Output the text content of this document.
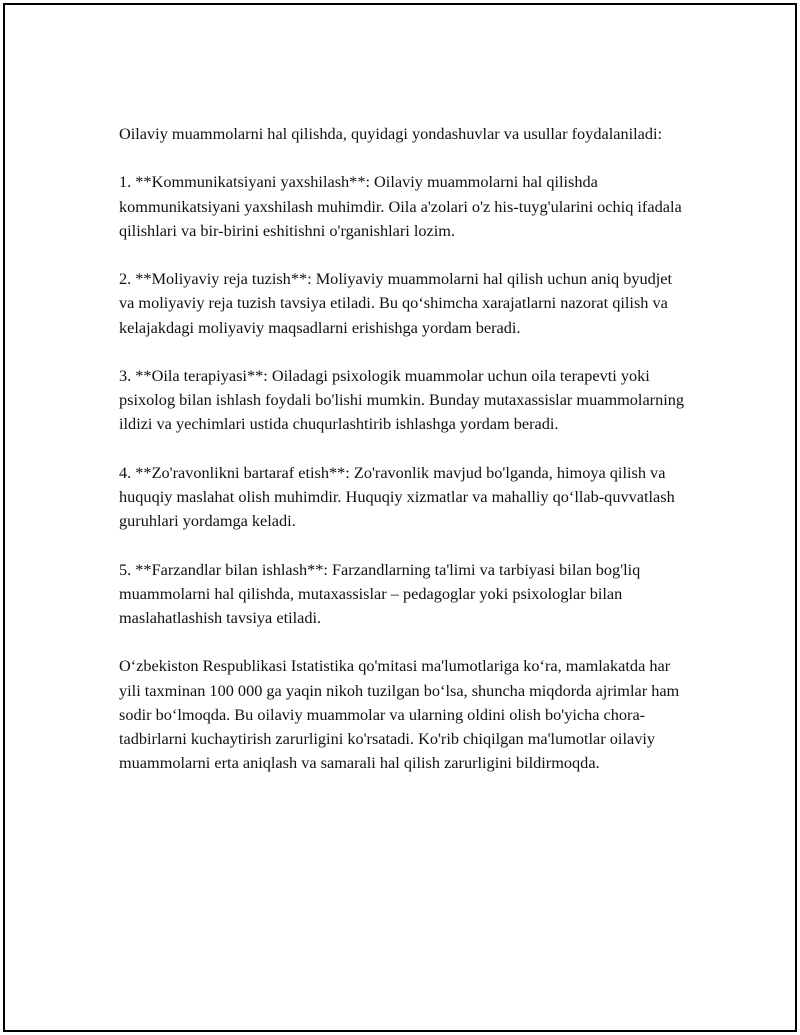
Oilaviy muammolarni hal qilishda, quyidagi yondashuvlar va usullar foydalaniladi:

1. **Kommunikatsiyani yaxshilash**: Oilaviy muammolarni hal qilishda kommunikatsiyani yaxshilash muhimdir. Oila a'zolari o'z his-tuyg'ularini ochiq ifadala qilishlari va bir-birini eshitishni o'rganishlari lozim.

2. **Moliyaviy reja tuzish**: Moliyaviy muammolarni hal qilish uchun aniq byudjet va moliyaviy reja tuzish tavsiya etiladi. Bu qo‘shimcha xarajatlarni nazorat qilish va kelajakdagi moliyaviy maqsadlarni erishishga yordam beradi.

3. **Oila terapiyasi**: Oiladagi psixologik muammolar uchun oila terapevti yoki psixolog bilan ishlash foydali bo'lishi mumkin. Bunday mutaxassislar muammolarning ildizi va yechimlari ustida chuqurlashtirib ishlashga yordam beradi.

4. **Zo'ravonlikni bartaraf etish**: Zo'ravonlik mavjud bo'lganda, himoya qilish va huquqiy maslahat olish muhimdir. Huquqiy xizmatlar va mahalliy qo‘llab-quvvatlash guruhlari yordamga keladi.

5. **Farzandlar bilan ishlash**: Farzandlarning ta'limi va tarbiyasi bilan bog'liq muammolarni hal qilishda, mutaxassislar – pedagoglar yoki psixologlar bilan maslahatlashish tavsiya etiladi.

O‘zbekiston Respublikasi Istatistika qo'mitasi ma'lumotlariga ko‘ra, mamlakatda har yili taxminan 100 000 ga yaqin nikoh tuzilgan bo‘lsa, shuncha miqdorda ajrimlar ham sodir bo‘lmoqda. Bu oilaviy muammolar va ularning oldini olish bo'yicha chora-tadbirlarni kuchaytirish zarurligini ko'rsatadi. Ko'rib chiqilgan ma'lumotlar oilaviy muammolarni erta aniqlash va samarali hal qilish zarurligini bildirmoqda.
